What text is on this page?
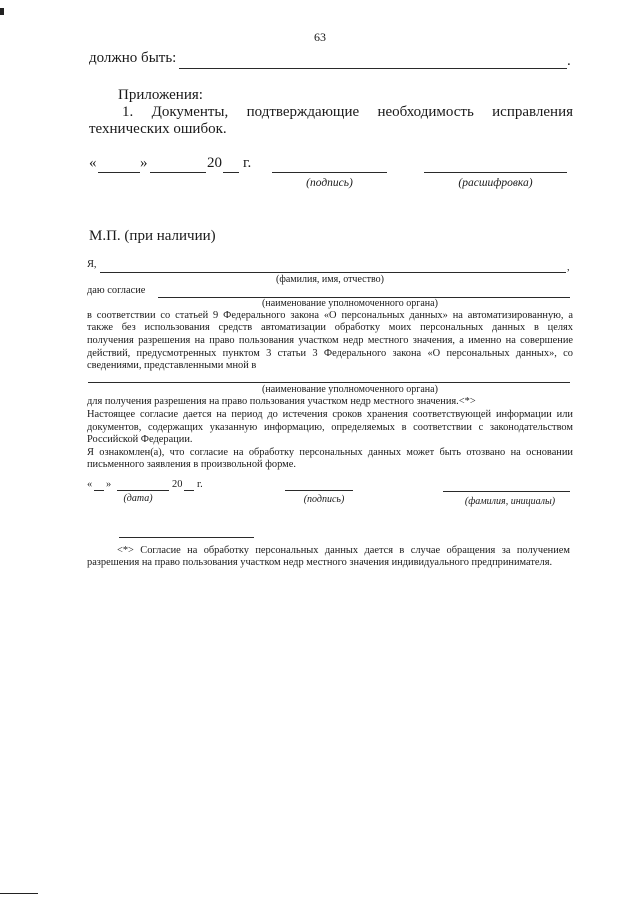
63
должно быть:	.
Приложения:
1. Документы, подтверждающие необходимость исправления
технических ошибок.
«	»	20 г.
(подпись)	(расшифровка)
М.П. (при наличии)
Я,	,
(фамилия, имя, отчество)
даю согласие
(наименование уполномоченного органа)
в соответствии со статьей 9 Федерального закона «О персональных данных» на автоматизированную, а
также без использования средств автоматизации обработку моих персональных данных в целях
получения разрешения на право пользования участком недр местного значения, а именно на совершение
действий, предусмотренных пунктом 3 статьи 3 Федерального закона «О персональных данных», со
сведениями, представленными мной в
(наименование уполномоченного органа)
для получения разрешения на право пользования участком недр местного значения.<*>
Настоящее согласие дается на период до истечения сроков хранения соответствующей информации или
документов, содержащих указанную информацию, определяемых в соответствии с законодательством
Российской Федерации.
Я ознакомлен(а), что согласие на обработку персональных данных может быть отозвано на основании
письменного заявления в произвольной форме.
« »	20 г.
(дата)	(подпись)	(фамилия, инициалы)
<*> Согласие на обработку персональных данных дается в случае обращения за получением
разрешения на право пользования участком недр местного значения индивидуального предпринимателя.
